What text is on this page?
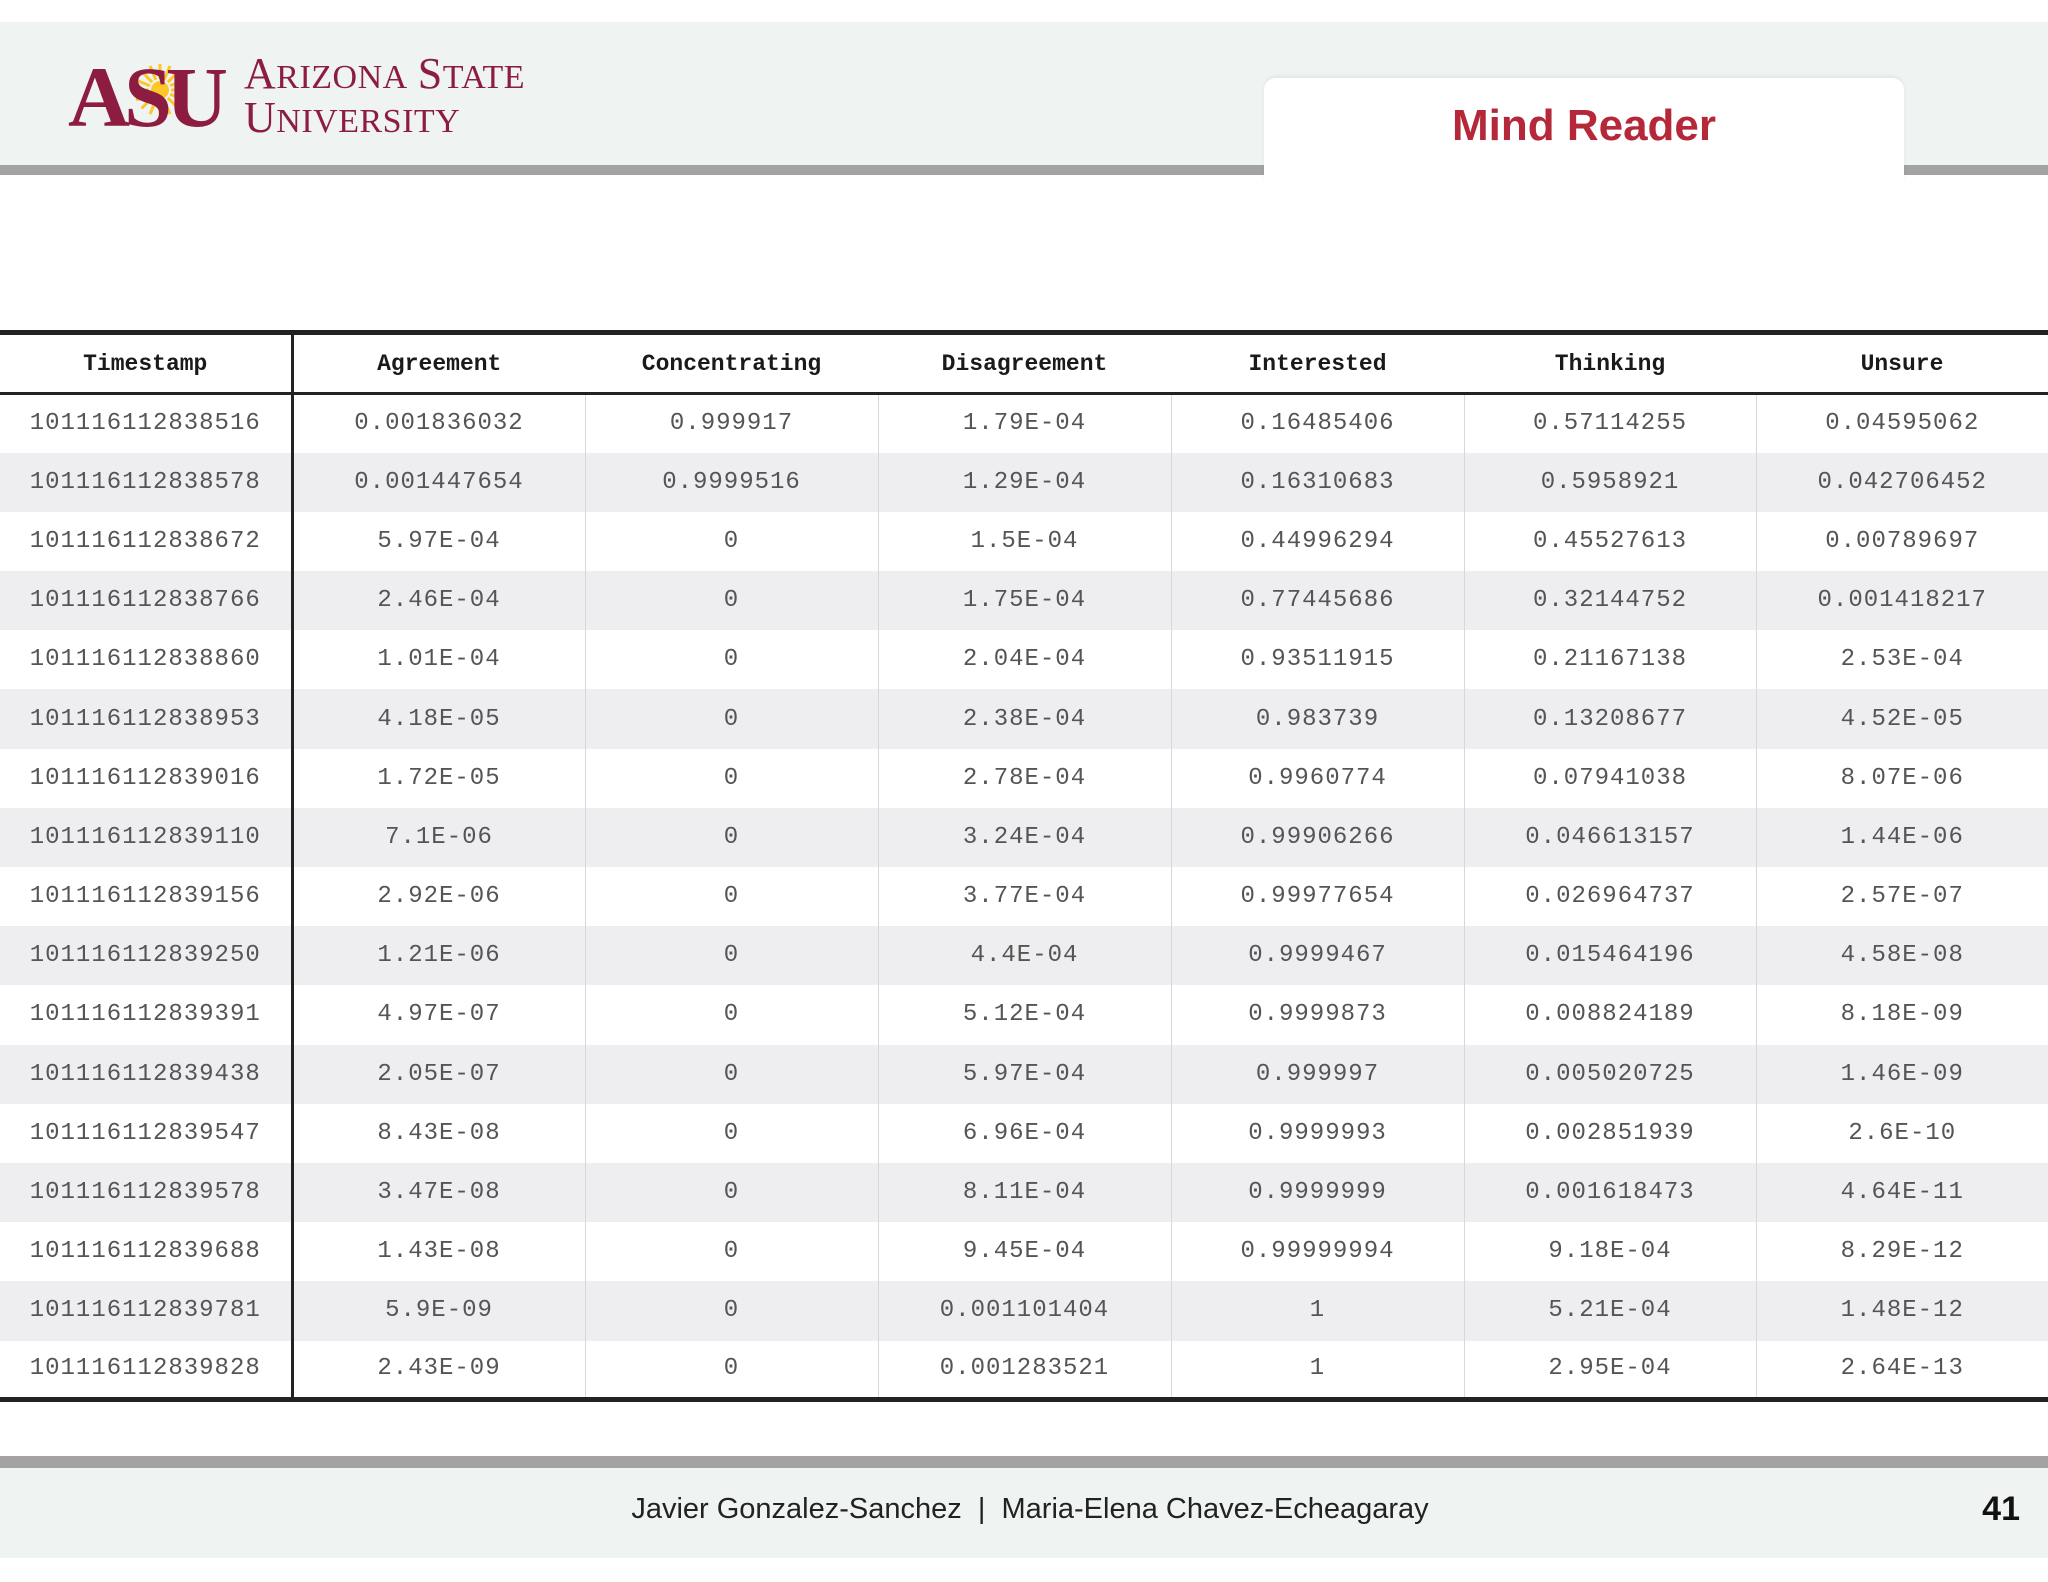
Mind Reader
ASU ARIZONA STATE
UNIVERSITY
Timestamp	Agreement	Concentrating	Disagreement	Interested	Thinking	Unsure
101116112838516	0.001836032	0.999917	1.79E-04	0.16485406	0.57114255	0.04595062
101116112838578	0.001447654	0.9999516	1.29E-04	0.16310683	0.5958921	0.042706452
101116112838672	5.97E-04	0	1.5E-04	0.44996294	0.45527613	0.00789697
101116112838766	2.46E-04	0	1.75E-04	0.77445686	0.32144752	0.001418217
101116112838860	1.01E-04	0	2.04E-04	0.93511915	0.21167138	2.53E-04
101116112838953	4.18E-05	0	2.38E-04	0.983739	0.13208677	4.52E-05
101116112839016	1.72E-05	0	2.78E-04	0.9960774	0.07941038	8.07E-06
101116112839110	7.1E-06	0	3.24E-04	0.99906266	0.046613157	1.44E-06
101116112839156	2.92E-06	0	3.77E-04	0.99977654	0.026964737	2.57E-07
101116112839250	1.21E-06	0	4.4E-04	0.9999467	0.015464196	4.58E-08
101116112839391	4.97E-07	0	5.12E-04	0.9999873	0.008824189	8.18E-09
101116112839438	2.05E-07	0	5.97E-04	0.999997	0.005020725	1.46E-09
101116112839547	8.43E-08	0	6.96E-04	0.9999993	0.002851939	2.6E-10
101116112839578	3.47E-08	0	8.11E-04	0.9999999	0.001618473	4.64E-11
101116112839688	1.43E-08	0	9.45E-04	0.99999994	9.18E-04	8.29E-12
101116112839781	5.9E-09	0	0.001101404	1	5.21E-04	1.48E-12
101116112839828	2.43E-09	0	0.001283521	1	2.95E-04	2.64E-13
Javier Gonzalez-Sanchez  |  Maria-Elena Chavez-Echeagaray	41
